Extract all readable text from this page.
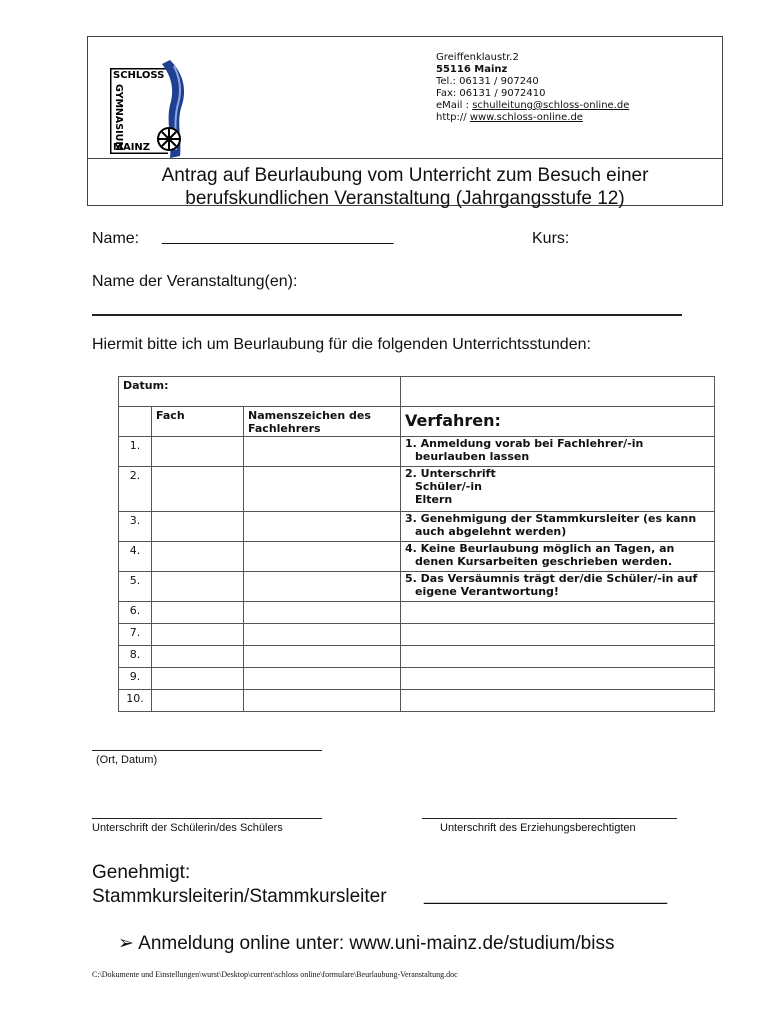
SCHLOSS
GYMNASIUM
MAINZ
Greiffenklaustr.2
55116 Mainz
Tel.: 06131 / 907240
Fax: 06131 / 9072410
eMail : schulleitung@schloss-online.de
http:// www.schloss-online.de
Antrag auf Beurlaubung vom Unterricht zum Besuch einer
berufskundlichen Veranstaltung (Jahrgangsstufe 12)
Name: __________________________	Kurs:
Name der Veranstaltung(en):
Hiermit bitte ich um Beurlaubung für die folgenden Unterrichtsstunden:
Datum:			
	Fach	Namenszeichen des Fachlehrers	Verfahren:
1.			1. Anmeldung vorab bei Fachlehrer/-in
beurlauben lassen

2.			2. Unterschrift
Schüler/-in
Eltern

3.			3. Genehmigung der Stammkursleiter (es kann
auch abgelehnt werden)

4.			4. Keine Beurlaubung möglich an Tagen, an
denen Kursarbeiten geschrieben werden.

5.			5. Das Versäumnis trägt der/die Schüler/-in auf
eigene Verantwortung!

6.			
7.			
8.			
9.			
10.			
(Ort, Datum)
Unterschrift der Schülerin/des Schülers	Unterschrift des Erziehungsberechtigten
Genehmigt:
Stammkursleiterin/Stammkursleiter _______________________
➢ Anmeldung online unter: www.uni-mainz.de/studium/biss
C:\Dokumente und Einstellungen\wurst\Desktop\current\schloss online\formulare\Beurlaubung-Veranstaltung.doc
